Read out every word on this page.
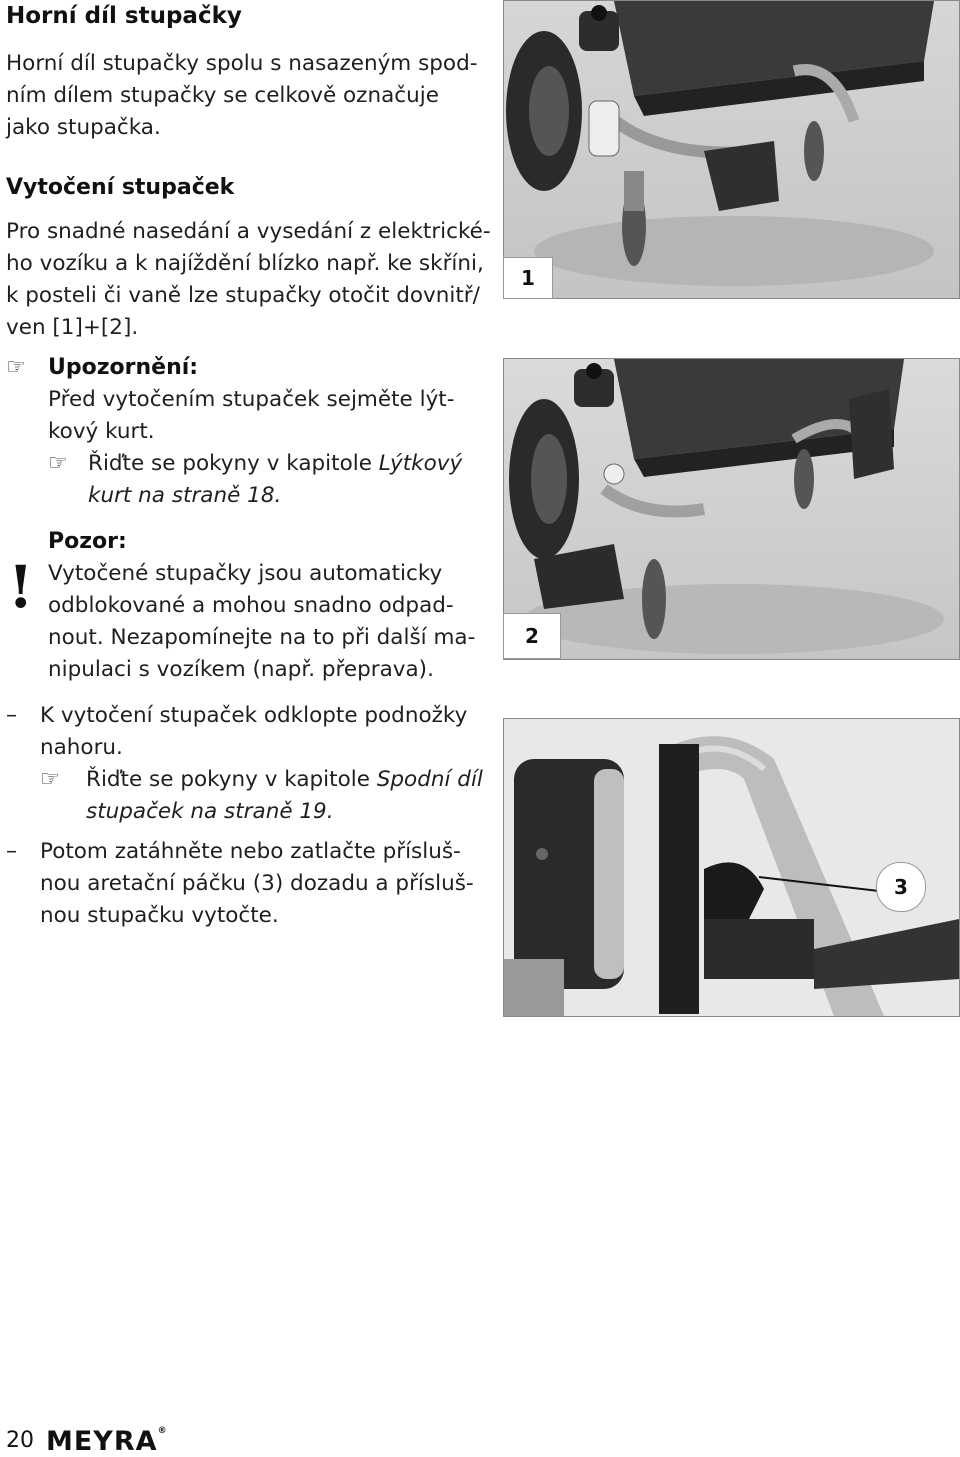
Horní díl stupačky

Horní díl stupačky spolu s nasazeným spod-

ním dílem stupačky se celkově označuje

jako stupačka.

Vytočení stupaček

Pro snadné nasedání a vysedání z elektrické-

ho vozíku a k najíždění blízko např. ke skříni,

k posteli či vaně lze stupačky otočit dovnitř/

ven [1]+[2].

☞ Upozornění:

Před vytočením stupaček sejměte lýt-

kový kurt.

☞ Řiďte se pokyny v kapitole Lýtkový

kurt na straně 18.

!

Pozor:

Vytočené stupačky jsou automaticky

odblokované a mohou snadno odpad-

nout. Nezapomínejte na to při další ma-

nipulaci s vozíkem (např. přeprava).

– K vytočení stupaček odklopte podnožky

nahoru.

☞ Řiďte se pokyny v kapitole Spodní díl

stupaček na straně 19.

– Potom zatáhněte nebo zatlačte přísluš-

nou aretační páčku (3) dozadu a přísluš-

nou stupačku vytočte.

1
2
3
20 MEYRA®
